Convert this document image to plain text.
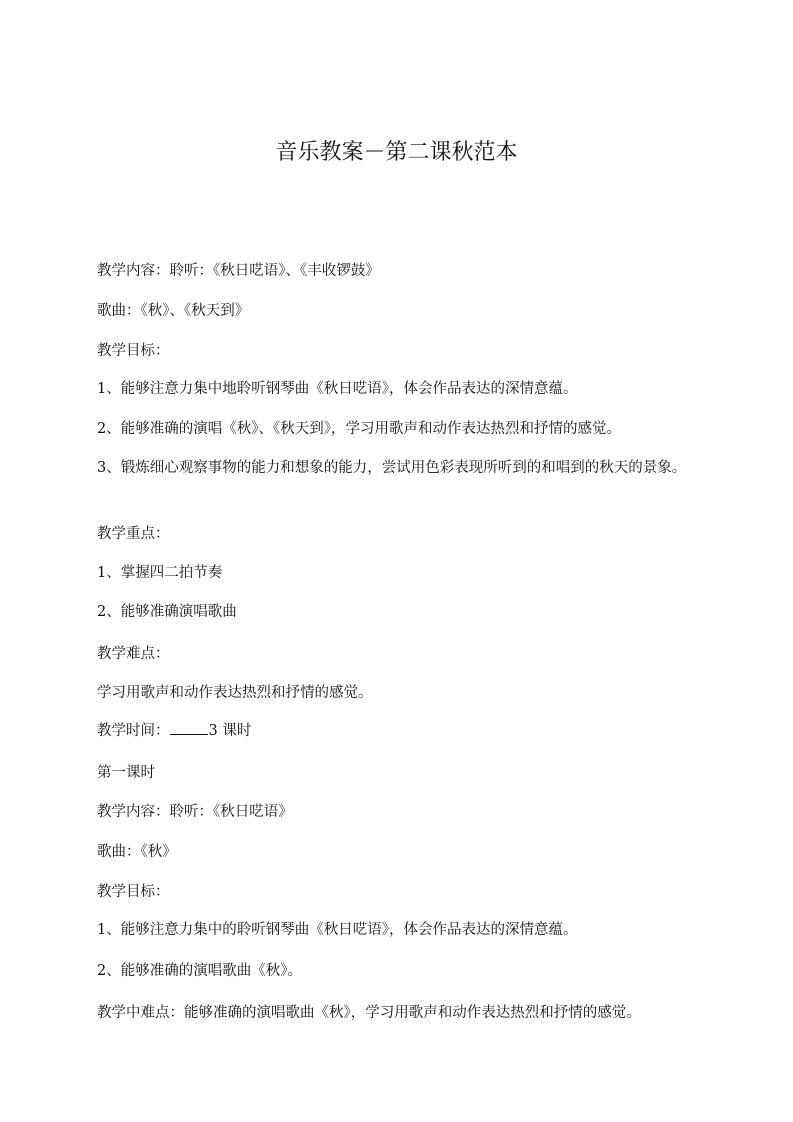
音乐教案－第二课秋范本
教学内容：聆听：《秋日呓语》、《丰收锣鼓》
歌曲：《秋》、《秋天到》
教学目标：
1、能够注意力集中地聆听钢琴曲《秋日呓语》，体会作品表达的深情意蕴。
2、能够准确的演唱《秋》、《秋天到》，学习用歌声和动作表达热烈和抒情的感觉。
3、锻炼细心观察事物的能力和想象的能力，尝试用色彩表现所听到的和唱到的秋天的景象。
教学重点：
1、掌握四二拍节奏
2、能够准确演唱歌曲
教学难点：
学习用歌声和动作表达热烈和抒情的感觉。
教学时间：	3 课时
第一课时
教学内容：聆听：《秋日呓语》
歌曲：《秋》
教学目标：
1、能够注意力集中的聆听钢琴曲《秋日呓语》，体会作品表达的深情意蕴。
2、能够准确的演唱歌曲《秋》。
教学中难点：能够准确的演唱歌曲《秋》，学习用歌声和动作表达热烈和抒情的感觉。
